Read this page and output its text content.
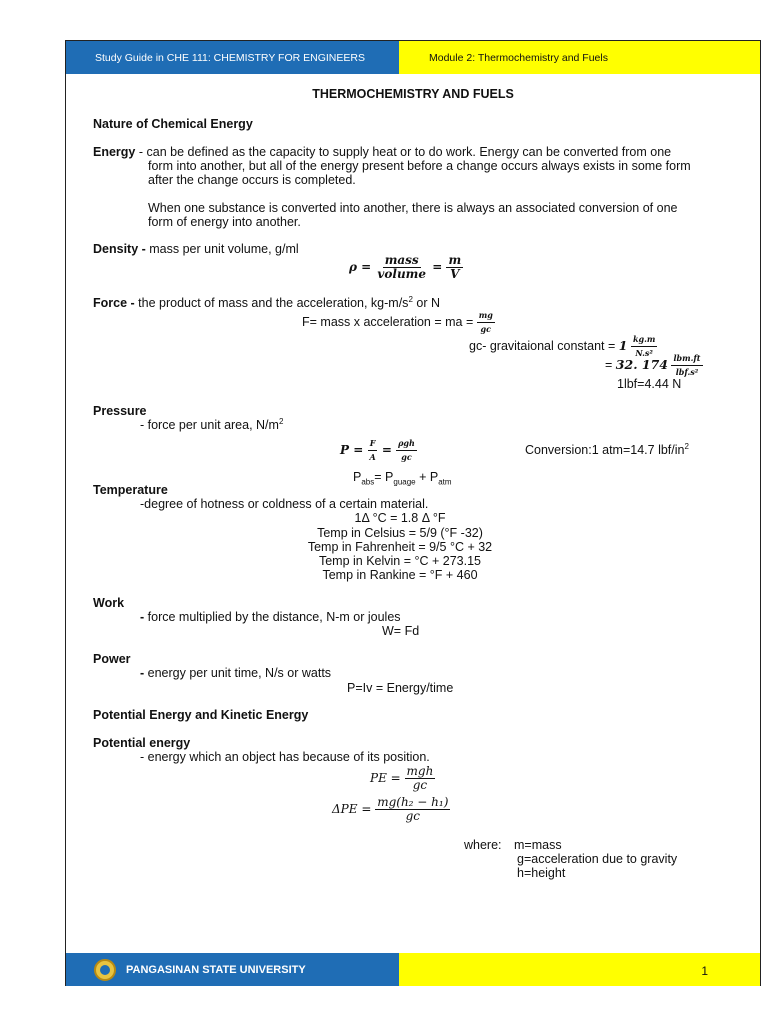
Study Guide in CHE 111: CHEMISTRY FOR ENGINEERS	Module 2: Thermochemistry and Fuels
PANGASINAN STATE UNIVERSITY	1
THERMOCHEMISTRY AND FUELS
Nature of Chemical Energy
Energy - can be defined as the capacity to supply heat or to do work. Energy can be converted from one
form into another, but all of the energy present before a change occurs always exists in some form
after the change occurs is completed.
When one substance is converted into another, there is always an associated conversion of one
form of energy into another.
Density - mass per unit volume, g/ml
$\rho = \frac{\text{mass}}{\text{volume}} = \frac{m}{V}$
Force - the product of mass and the acceleration, $kg-m/s^2$ or N
F= mass x acceleration = ma = $\frac{mg}{gc}$
gc- gravitaional constant = $1 \frac{kg.m}{\text{N.s²}}$
= 32. $174 \frac{\text{lbm.ft}}{\text{lbf.s²}}$
1lbf=4.44 N
Pressure
- force per unit area, $N/m^2$
$P = \frac{F}{A} = \frac{\text{ρgh}}{gc}$	Conversion:1 atm=14.7 lbf/$in^2$
$P_{abs}= P_{guage} + P_{atm}$
Temperature
-degree of hotness or coldness of a certain material.
1Δ °C = 1.8 Δ °F
Temp in Celsius = 5/9 (°F -32)
Temp in Fahrenheit = 9/5 °C + 32
Temp in Kelvin = °C + 273.15
Temp in Rankine = °F + 460
Work
- force multiplied by the distance, N-m or joules
W= Fd
Power
- energy per unit time, N/s or watts
P=Iv = Energy/time
Potential Energy and Kinetic Energy
Potential energy
- energy which an object has because of its position.
PE = $\frac{\text{mgh}}{gc}$
$\Delta PE = \frac{\text{mg(h₂ − h₁)}}{gc}$
where: m=mass
g=acceleration due to gravity
h=height
